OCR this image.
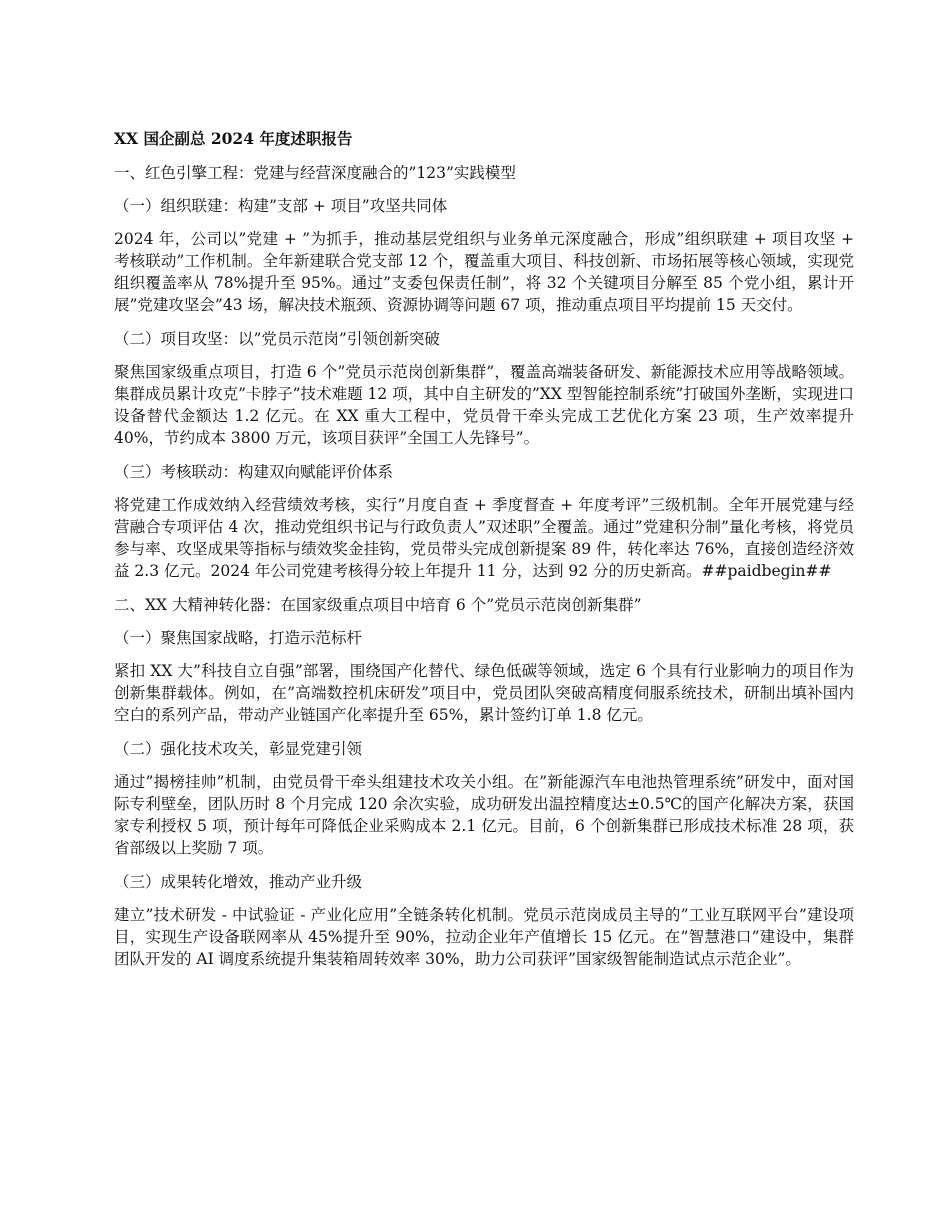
XX 国企副总 2024 年度述职报告
一、红色引擎工程：党建与经营深度融合的”123”实践模型
（一）组织联建：构建”支部 + 项目”攻坚共同体
2024 年，公司以”党建 + ”为抓手，推动基层党组织与业务单元深度融合，形成”组织联建 + 项目攻坚 + 考核联动”工作机制。全年新建联合党支部 12 个，覆盖重大项目、科技创新、市场拓展等核心领域，实现党组织覆盖率从 78%提升至 95%。通过”支委包保责任制”，将 32 个关键项目分解至 85 个党小组，累计开展”党建攻坚会”43 场，解决技术瓶颈、资源协调等问题 67 项，推动重点项目平均提前 15 天交付。
（二）项目攻坚：以”党员示范岗”引领创新突破
聚焦国家级重点项目，打造 6 个”党员示范岗创新集群”，覆盖高端装备研发、新能源技术应用等战略领域。集群成员累计攻克”卡脖子”技术难题 12 项，其中自主研发的”XX 型智能控制系统”打破国外垄断，实现进口设备替代金额达 1.2 亿元。在 XX 重大工程中，党员骨干牵头完成工艺优化方案 23 项，生产效率提升 40%，节约成本 3800 万元，该项目获评”全国工人先锋号”。
（三）考核联动：构建双向赋能评价体系
将党建工作成效纳入经营绩效考核，实行”月度自查 + 季度督查 + 年度考评”三级机制。全年开展党建与经营融合专项评估 4 次，推动党组织书记与行政负责人”双述职”全覆盖。通过”党建积分制”量化考核，将党员参与率、攻坚成果等指标与绩效奖金挂钩，党员带头完成创新提案 89 件，转化率达 76%，直接创造经济效益 2.3 亿元。2024 年公司党建考核得分较上年提升 11 分，达到 92 分的历史新高。##paidbegin##
二、XX 大精神转化器：在国家级重点项目中培育 6 个”党员示范岗创新集群”
（一）聚焦国家战略，打造示范标杆
紧扣 XX 大”科技自立自强”部署，围绕国产化替代、绿色低碳等领域，选定 6 个具有行业影响力的项目作为创新集群载体。例如，在”高端数控机床研发”项目中，党员团队突破高精度伺服系统技术，研制出填补国内空白的系列产品，带动产业链国产化率提升至 65%，累计签约订单 1.8 亿元。
（二）强化技术攻关，彰显党建引领
通过”揭榜挂帅”机制，由党员骨干牵头组建技术攻关小组。在”新能源汽车电池热管理系统”研发中，面对国际专利壁垒，团队历时 8 个月完成 120 余次实验，成功研发出温控精度达±0.5℃的国产化解决方案，获国家专利授权 5 项，预计每年可降低企业采购成本 2.1 亿元。目前，6 个创新集群已形成技术标准 28 项，获省部级以上奖励 7 项。
（三）成果转化增效，推动产业升级
建立”技术研发 - 中试验证 - 产业化应用”全链条转化机制。党员示范岗成员主导的”工业互联网平台”建设项目，实现生产设备联网率从 45%提升至 90%，拉动企业年产值增长 15 亿元。在”智慧港口”建设中，集群团队开发的 AI 调度系统提升集装箱周转效率 30%，助力公司获评”国家级智能制造试点示范企业”。
